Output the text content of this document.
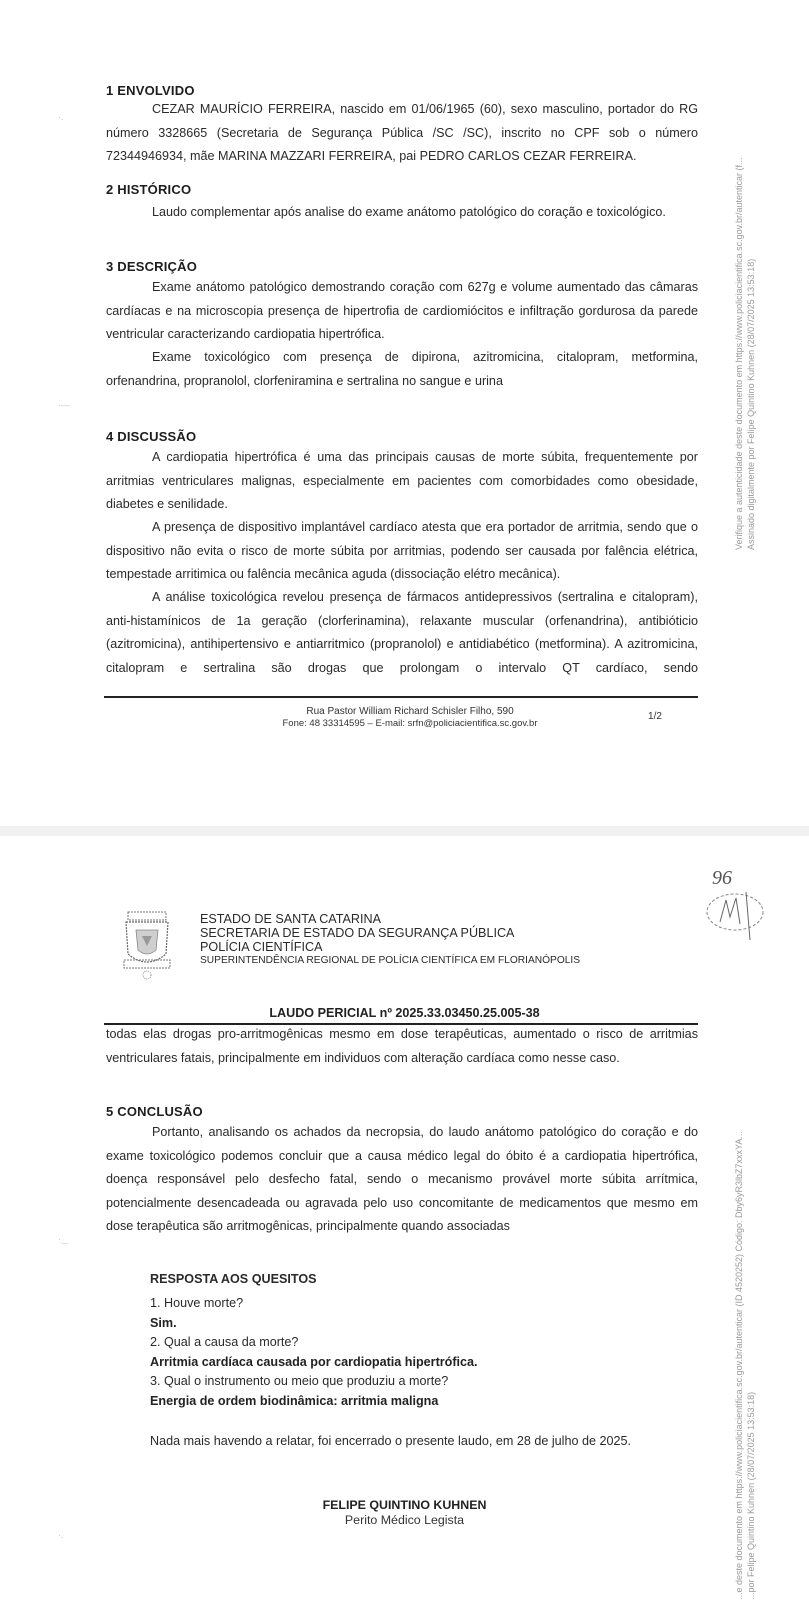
·.
·—
1 ENVOLVIDO
CEZAR MAURÍCIO FERREIRA, nascido em 01/06/1965 (60), sexo masculino, portador do RG número 3328665 (Secretaria de Segurança Pública /SC /SC), inscrito no CPF sob o número 72344946934, mãe MARINA MAZZARI FERREIRA, pai PEDRO CARLOS CEZAR FERREIRA.
2 HISTÓRICO
Laudo complementar após analise do exame anátomo patológico do coração e toxicológico.
3 DESCRIÇÃO
Exame anátomo patológico demostrando coração com 627g e volume aumentado das câmaras cardíacas e na microscopia presença de hipertrofia de cardiomiócitos e infiltração gordurosa da parede ventricular caracterizando cardiopatia hipertrófica.
Exame toxicológico com presença de dipirona, azitromicina, citalopram, metformina, orfenandrina, propranolol, clorfeniramina e sertralina no sangue e urina
4 DISCUSSÃO
A cardiopatia hipertrófica é uma das principais causas de morte súbita, frequentemente por arritmias ventriculares malignas, especialmente em pacientes com comorbidades como obesidade, diabetes e senilidade.
A presença de dispositivo implantável cardíaco atesta que era portador de arritmia, sendo que o dispositivo não evita o risco de morte súbita por arritmias, podendo ser causada por falência elétrica, tempestade arritimica ou falência mecânica aguda (dissociação elétro mecânica).
A análise toxicológica revelou presença de fármacos antidepressivos (sertralina e citalopram), anti-histamínicos de 1a geração (clorferinamina), relaxante muscular (orfenandrina), antibióticio (azitromicina), antihipertensivo e antiarritmico (propranolol) e antidiabético (metformina). A azitromicina, citalopram e sertralina são drogas que prolongam o intervalo QT cardíaco, sendo
Rua Pastor William Richard Schisler Filho, 590
Fone: 48 33314595 – E-mail: srfn@policiacientifica.sc.gov.br
1/2
Verifique a autenticidade deste documento em https://www.policiacientifica.sc.gov.br/autenticar (f... Assinado digitalmente por Felipe Quintino Kuhnen (28/07/2025 13:53:18)
ESTADO DE SANTA CATARINA
SECRETARIA DE ESTADO DA SEGURANÇA PÚBLICA
POLÍCIA CIENTÍFICA
SUPERINTENDÊNCIA REGIONAL DE POLÍCIA CIENTÍFICA EM FLORIANÓPOLIS
96
LAUDO PERICIAL nº 2025.33.03450.25.005-38
todas elas drogas pro-arritmogênicas mesmo em dose terapêuticas, aumentado o risco de arritmias ventriculares fatais, principalmente em individuos com alteração cardíaca como nesse caso.
·‿
5 CONCLUSÃO
Portanto, analisando os achados da necropsia, do laudo anátomo patológico do coração e do exame toxicológico podemos concluir que a causa médico legal do óbito é a cardiopatia hipertrófica, doença responsável pelo desfecho fatal, sendo o mecanismo provável morte súbita arrítmica, potencialmente desencadeada ou agravada pelo uso concomitante de medicamentos que mesmo em dose terapêutica são arritmogênicas, principalmente quando associadas
RESPOSTA AOS QUESITOS
1. Houve morte?
Sim.
2. Qual a causa da morte?
Arritmia cardíaca causada por cardiopatia hipertrófica.
3. Qual o instrumento ou meio que produziu a morte?
Energia de ordem biodinâmica: arritmia maligna
Nada mais havendo a relatar, foi encerrado o presente laudo, em 28 de julho de 2025.
FELIPE QUINTINO KUHNEN
Perito Médico Legista
·.	...e deste documento em https://www.policiacientifica.sc.gov.br/autenticar (ID 4520252) Código: Dby6yR3lbZ7xxxYA... ...por Felipe Quintino Kuhnen (28/07/2025 13:53:18)
